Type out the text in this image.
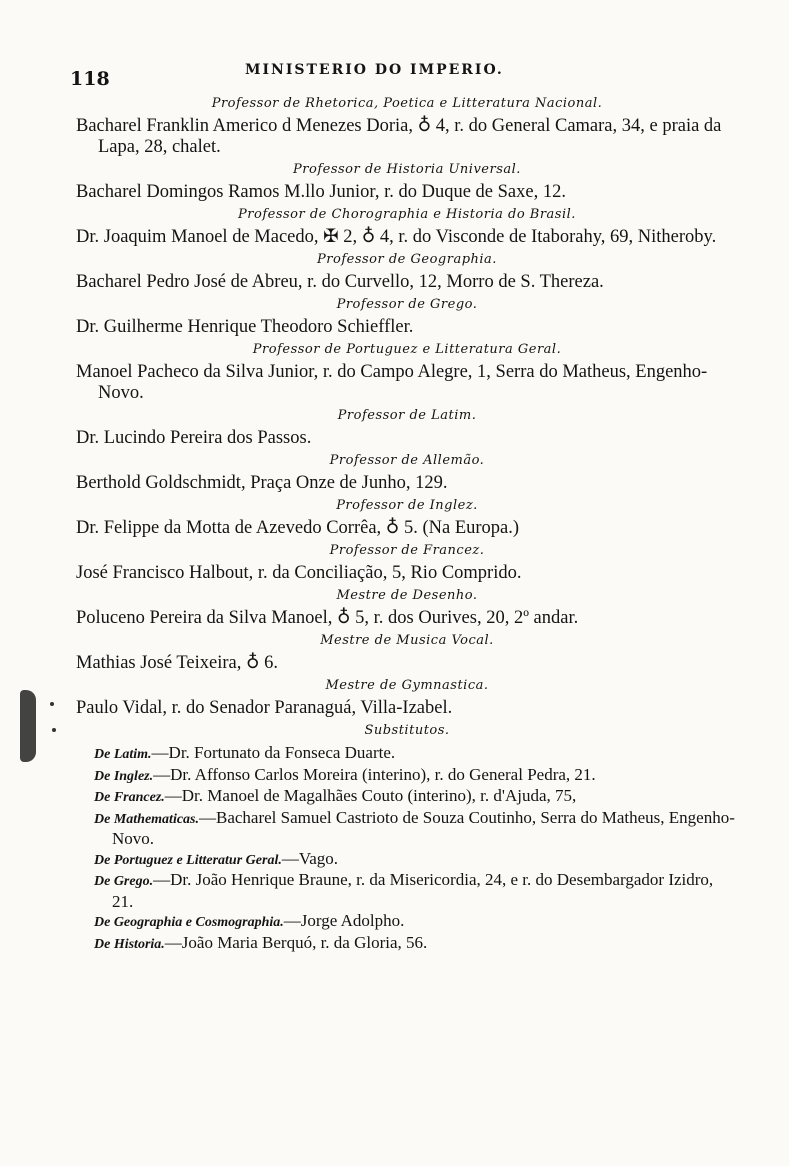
118	MINISTERIO DO IMPERIO.
Professor de Rhetorica, Poetica e Litteratura Nacional.
Bacharel Franklin Americo d Menezes Doria, ♁ 4, r. do General Camara, 34, e praia da Lapa, 28, chalet.
Professor de Historia Universal.
Bacharel Domingos Ramos M.llo Junior, r. do Duque de Saxe, 12.
Professor de Chorographia e Historia do Brasil.
Dr. Joaquim Manoel de Macedo, ✠ 2, ♁ 4, r. do Visconde de Itaborahy, 69, Nitheroby.
Professor de Geographia.
Bacharel Pedro José de Abreu, r. do Curvello, 12, Morro de S. Thereza.
Professor de Grego.
Dr. Guilherme Henrique Theodoro Schieffler.
Professor de Portuguez e Litteratura Geral.
Manoel Pacheco da Silva Junior, r. do Campo Alegre, 1, Serra do Matheus, Engenho-Novo.
Professor de Latim.
Dr. Lucindo Pereira dos Passos.
Professor de Allemão.
Berthold Goldschmidt, Praça Onze de Junho, 129.
Professor de Inglez.
Dr. Felippe da Motta de Azevedo Corrêa, ♁ 5. (Na Europa.)
Professor de Francez.
José Francisco Halbout, r. da Conciliação, 5, Rio Comprido.
Mestre de Desenho.
Poluceno Pereira da Silva Manoel, ♁ 5, r. dos Ourives, 20, 2º andar.
Mestre de Musica Vocal.
Mathias José Teixeira, ♁ 6.
Mestre de Gymnastica.
Paulo Vidal, r. do Senador Paranaguá, Villa-Izabel.
Substitutos.
De Latim.—Dr. Fortunato da Fonseca Duarte.
De Inglez.—Dr. Affonso Carlos Moreira (interino), r. do General Pedra, 21.
De Francez.—Dr. Manoel de Magalhães Couto (interino), r. d'Ajuda, 75,
De Mathematicas.—Bacharel Samuel Castrioto de Souza Coutinho, Serra do Matheus, Engenho-Novo.
De Portuguez e Litteratur Geral.—Vago.
De Grego.—Dr. João Henrique Braune, r. da Misericordia, 24, e r. do Desembargador Izidro, 21.
De Geographia e Cosmographia.—Jorge Adolpho.
De Historia.—João Maria Berquó, r. da Gloria, 56.
